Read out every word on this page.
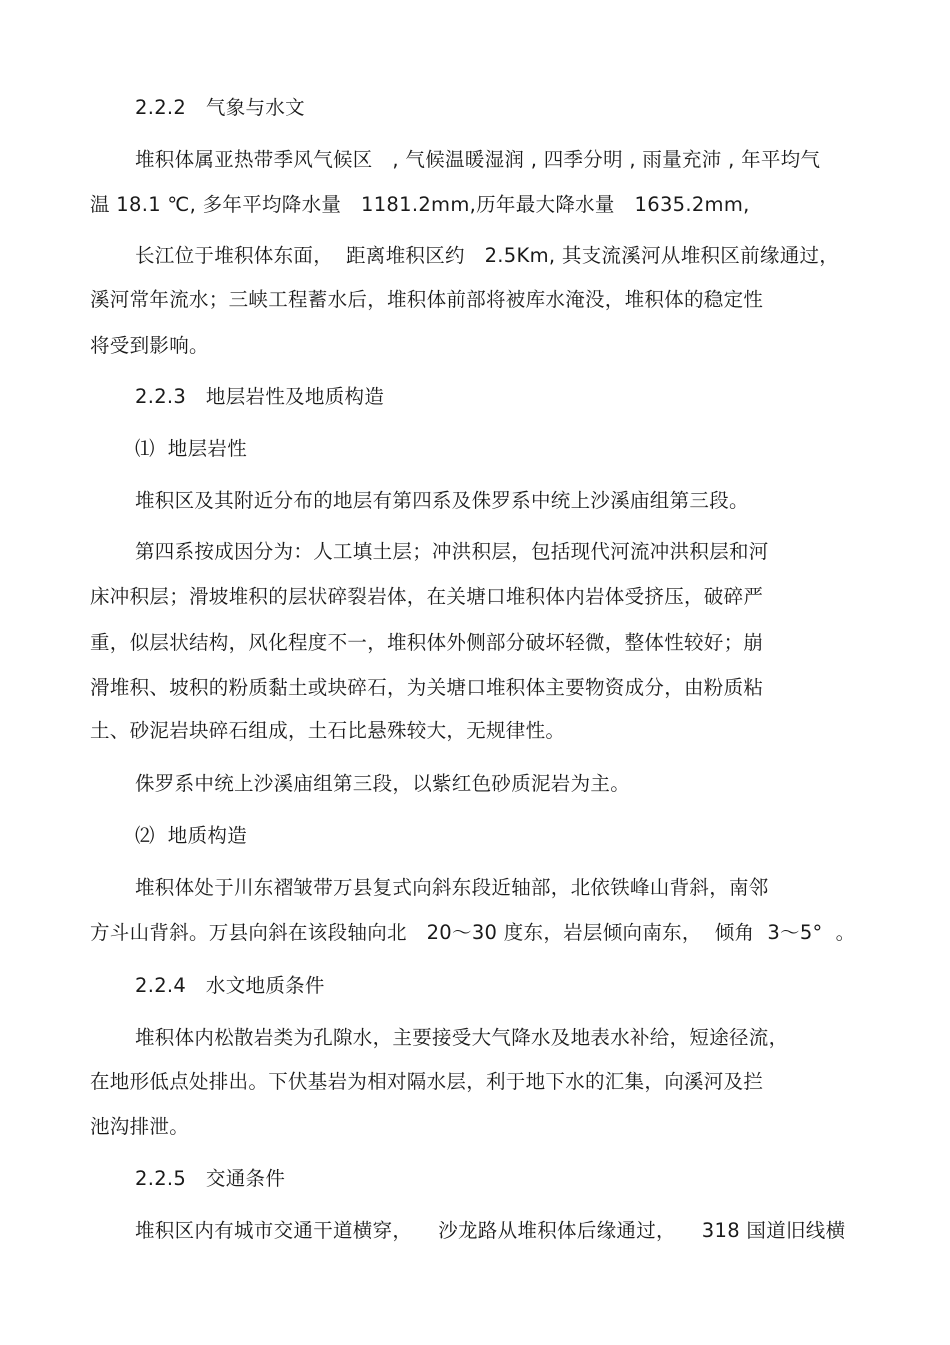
2.2.2　气象与水文
堆积体属亚热带季风气候区　, 气候温暖湿润 , 四季分明 , 雨量充沛 , 年平均气
温 18.1 ℃, 多年平均降水量　1181.2mm,历年最大降水量　1635.2mm,
长江位于堆积体东面，  距离堆积区约　2.5Km, 其支流溪河从堆积区前缘通过，
溪河常年流水；三峡工程蓄水后，堆积体前部将被库水淹没，堆积体的稳定性
将受到影响。
2.2.3　地层岩性及地质构造
⑴  地层岩性
堆积区及其附近分布的地层有第四系及侏罗系中统上沙溪庙组第三段。
第四系按成因分为：人工填土层；冲洪积层，包括现代河流冲洪积层和河
床冲积层；滑坡堆积的层状碎裂岩体，在关塘口堆积体内岩体受挤压，破碎严
重，似层状结构，风化程度不一，堆积体外侧部分破坏轻微，整体性较好；崩
滑堆积、坡积的粉质黏土或块碎石，为关塘口堆积体主要物资成分，由粉质粘
土、砂泥岩块碎石组成，土石比悬殊较大，无规律性。
侏罗系中统上沙溪庙组第三段，以紫红色砂质泥岩为主。
⑵  地质构造
堆积体处于川东褶皱带万县复式向斜东段近轴部，北依铁峰山背斜，南邻
方斗山背斜。万县向斜在该段轴向北　20～30 度东，岩层倾向南东，  倾角  3～5°  。
2.2.4　水文地质条件
堆积体内松散岩类为孔隙水，主要接受大气降水及地表水补给，短途径流，
在地形低点处排出。下伏基岩为相对隔水层，利于地下水的汇集，向溪河及拦
池沟排泄。
2.2.5　交通条件
堆积区内有城市交通干道横穿，    沙龙路从堆积体后缘通过，    318 国道旧线横
